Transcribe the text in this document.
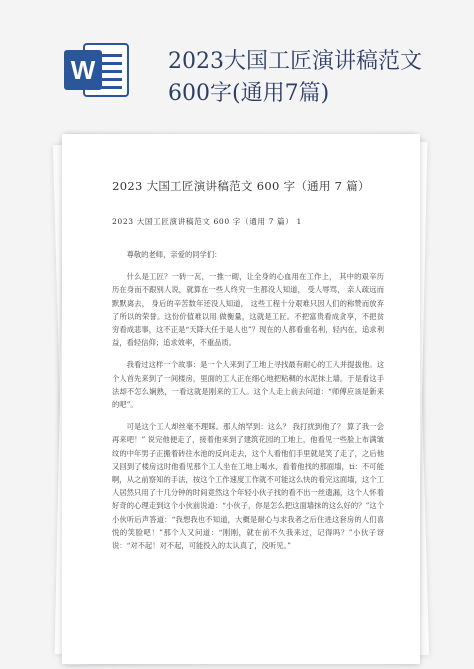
W	2023大国工匠演讲稿范文
600字(通用7篇)
2023 大国工匠演讲稿范文 600 字（通用 7 篇）
2023 大国工匠演讲稿范文 600 字（通用 7 篇） 1

尊敬的老师，亲爱的同学们：

什么是工匠？一砖一瓦，一推一砌，让全身的心血用在工作上， 其中的艰辛历历在身而不跟别人说，就算在一些人终究一生都没人知道， 受人辱骂， 亲人疏远而默默离去， 身后的辛苦数年还没人知道， 这些工程十分艰难只因人们的称赞而放弃了所以的荣誉。这份价值难以用 做衡量，这就是工匠。不把富贵看成贪享，不把贫穷看成悲事，这不正是“天降大任于是人也”？现在的人都看重名利，轻内在，追求利益，看轻信仰；追求效率，不重品质。

我看过这样一个故事：是一个人来到了工地上寻找最有耐心的工人并提拔他。这个人首先来到了一间楼房，里面的工人正在细心地把粘稠的水泥抹上墙。于是看这手法却不怎么娴熟，一看这就是刚来的工人。这个人走上前去问道：“师傅应该是新来的吧”。

可是这个工人却丝毫不理睬。那人纳罕到：这么？ 我打扰到他了？ 算了我一会再来吧！” 说完他便走了，接着他来到了建筑花园的工地上，他看见一些脸上布满皱纹的中年男子正搬着砖往水池的反向走去，这个人看他们手里就是笑了走了，之后他又回到了楼房这时他看见那个工人坐在工地上喝水，看着他找的那面墙，ti：不可能啊，从之前察知的手法，按这个工作速度工作就不可能这么快的看完这面墙，这个工人居然只用了十几分钟的时间竟然这个年轻小伙子找的看不出一丝遗漏，这个人怀着好奇的心理走到这个小伙前说道：“小伙子，你是怎么把这面墙抹的这么好的？”这个小伙听后声答道：“我想我也不知道，大概是耐心与求我者之后住进这套房的人们喜悦的笑脸吧！”那个人又问道：“刚刚，就在前不久我来过，记得吗？”小伙子讶说：“对不起！对不起，可能投入的太认真了，没听见。”
